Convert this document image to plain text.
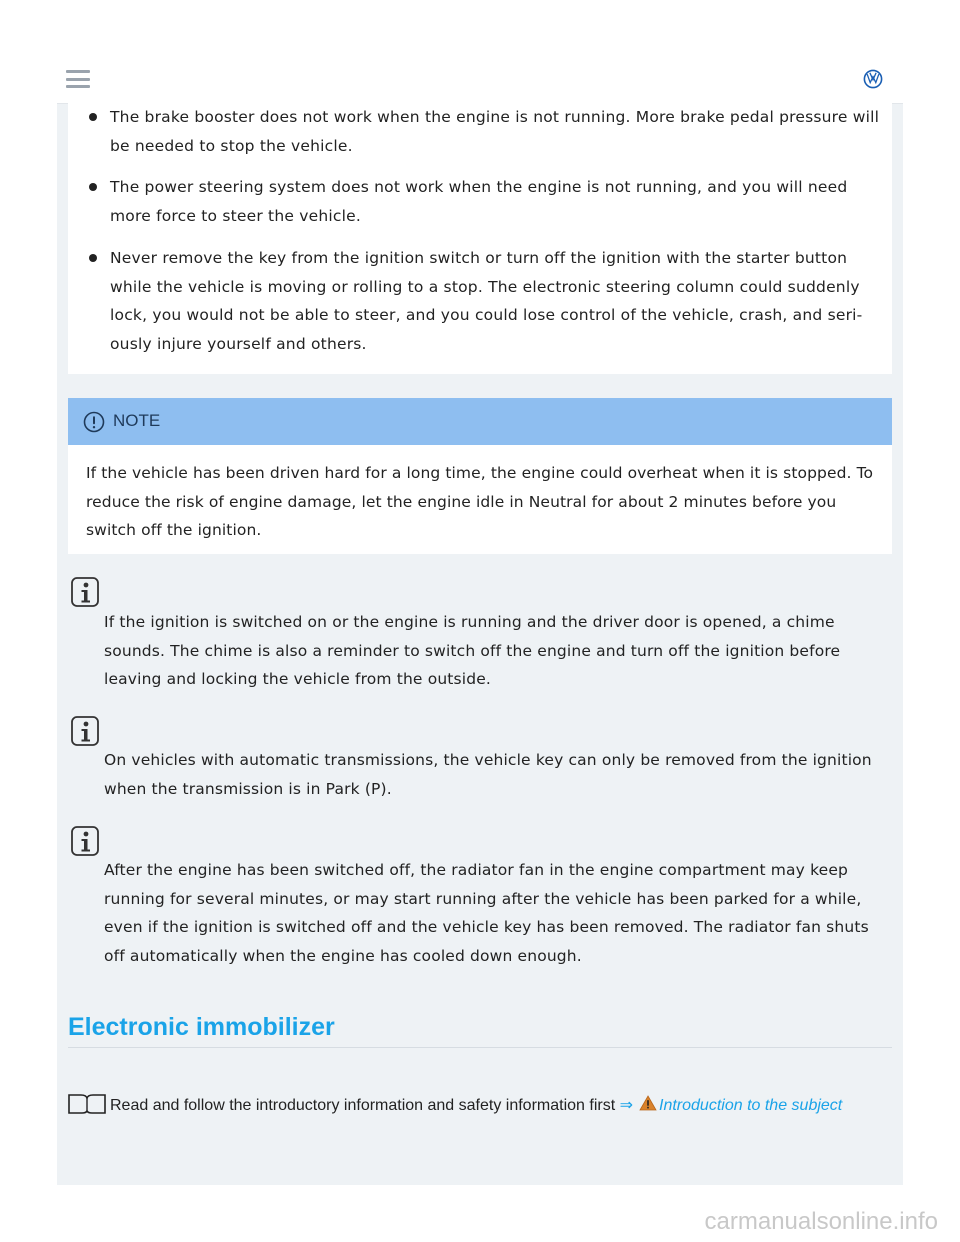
The brake booster does not work when the engine is not running. More brake pedal pressure will be needed to stop the vehicle.
The power steering system does not work when the engine is not running, and you will need more force to steer the vehicle.
Never remove the key from the ignition switch or turn off the ignition with the starter button while the vehicle is moving or rolling to a stop. The electronic steering column could suddenly lock, you would not be able to steer, and you could lose control of the vehicle, crash, and seri-ously injure yourself and others.
NOTE
If the vehicle has been driven hard for a long time, the engine could overheat when it is stopped. To reduce the risk of engine damage, let the engine idle in Neutral for about 2 minutes before you switch off the ignition.
If the ignition is switched on or the engine is running and the driver door is opened, a chime sounds. The chime is also a reminder to switch off the engine and turn off the ignition before leaving and locking the vehicle from the outside.
On vehicles with automatic transmissions, the vehicle key can only be removed from the ignition when the transmission is in Park (P).
After the engine has been switched off, the radiator fan in the engine compartment may keep running for several minutes, or may start running after the vehicle has been parked for a while, even if the ignition is switched off and the vehicle key has been removed. The radiator fan shuts off automatically when the engine has cooled down enough.
Electronic immobilizer
Read and follow the introductory information and safety information first ⇒ Introduction to the subject
carmanualsonline.info
